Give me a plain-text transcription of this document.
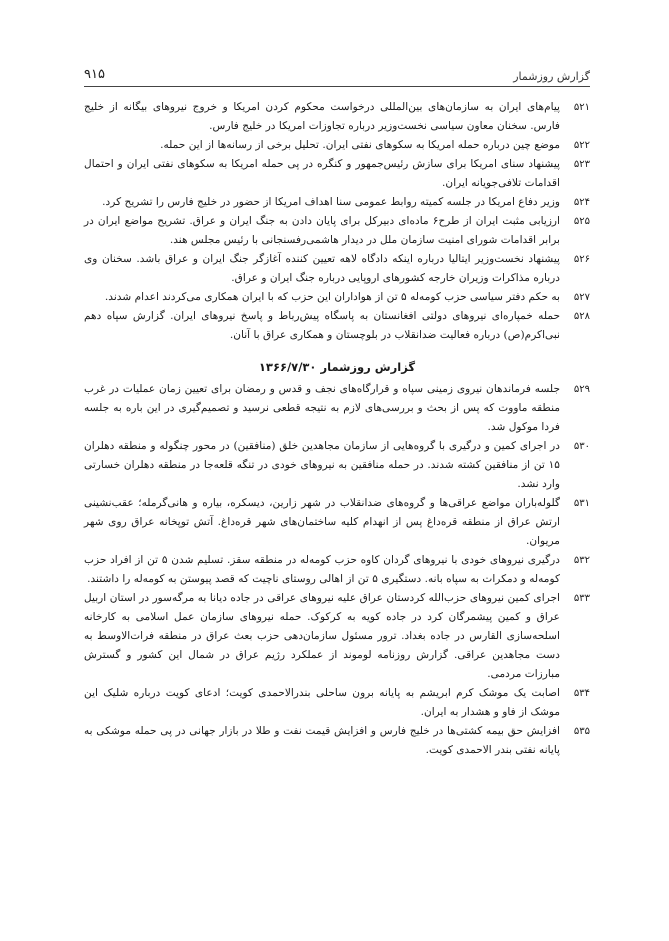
گزارش روزشمار
۹۱۵
۵۲۱
پیام‌های ایران به سازمان‌های بین‌المللی درخواست محکوم کردن امریکا و خروج نیروهای بیگانه از خلیج فارس. سخنان معاون سیاسی نخست‌وزیر درباره تجاوزات امریکا در خلیج فارس.
۵۲۲
موضع چین درباره حمله امریکا به سکوهای نفتی ایران. تحلیل برخی از رسانه‌ها از این حمله.
۵۲۳
پیشنهاد سنای امریکا برای سازش رئیس‌جمهور و کنگره در پی حمله امریکا به سکوهای نفتی ایران و احتمال اقدامات تلافی‌جویانه ایران.
۵۲۴
وزیر دفاع امریکا در جلسه کمیته روابط عمومی سنا اهداف امریکا از حضور در خلیج فارس را تشریح کرد.
۵۲۵
ارزیابی مثبت ایران از طرح۶ ماده‌ای دبیرکل برای پایان دادن به جنگ ایران و عراق. تشریح مواضع ایران در برابر اقدامات شورای امنیت سازمان ملل در دیدار هاشمی‌رفسنجانی با رئیس مجلس هند.
۵۲۶
پیشنهاد نخست‌وزیر ایتالیا درباره اینکه دادگاه لاهه تعیین کننده آغازگر جنگ ایران و عراق باشد. سخنان وی درباره مذاکرات وزیران خارجه کشورهای اروپایی درباره جنگ ایران و عراق.
۵۲۷
به حکم دفتر سیاسی حزب کومه‌له ۵ تن از هواداران این حزب که با ایران همکاری می‌کردند اعدام شدند.
۵۲۸
حمله خمپاره‌ای نیروهای دولتی افغانستان به پاسگاه پیش‌رباط و پاسخ نیروهای ایران. گزارش سپاه دهم نبی‌اکرم(ص) درباره فعالیت ضدانقلاب در بلوچستان و همکاری عراق با آنان.
گزارش روزشمار ۱۳۶۶/۷/۳۰
۵۲۹
جلسه فرماندهان نیروی زمینی سپاه و قرارگاه‌های نجف و قدس و رمضان برای تعیین زمان عملیات در غرب منطقه ماووت که پس از بحث و بررسی‌های لازم به نتیجه قطعی نرسید و تصمیم‌گیری در این باره به جلسه فردا موکول شد.
۵۳۰
در اجرای کمین و درگیری با گروه‌هایی از سازمان مجاهدین خلق (منافقین) در محور چنگوله و منطقه دهلران ۱۵ تن از منافقین کشته شدند. در حمله منافقین به نیروهای خودی در تنگه قلعه‌جا در منطقه دهلران خسارتی وارد نشد.
۵۳۱
گلوله‌باران مواضع عراقی‌ها و گروه‌های ضدانقلاب در شهر زارین، دیسکره، بیاره و هانی‌گرمله؛ عقب‌نشینی ارتش عراق از منطقه قره‌داغ پس از انهدام کلیه ساختمان‌های شهر قره‌داغ. آتش توپخانه عراق روی شهر مریوان.
۵۳۲
درگیری نیروهای خودی با نیروهای گردان کاوه حزب کومه‌له در منطقه سقز. تسلیم شدن ۵ تن از افراد حزب کومه‌له و دمکرات به سپاه بانه. دستگیری ۵ تن از اهالی روستای ناچیت که قصد پیوستن به کومه‌له را داشتند.
۵۳۳
اجرای کمین نیروهای حزب‌الله کردستان عراق علیه نیروهای عراقی در جاده دیانا به مرگه‌سور در استان اربیل عراق و کمین پیشمرگان کرد در جاده کویه به کرکوک. حمله نیروهای سازمان عمل اسلامی به کارخانه اسلحه‌سازی القارس در جاده بغداد. ترور مسئول سازمان‌دهی حزب بعث عراق در منطقه فرات‌الاوسط به دست مجاهدین عراقی. گزارش روزنامه لوموند از عملکرد رژیم عراق در شمال این کشور و گسترش مبارزات مردمی.
۵۳۴
اصابت یک موشک کرم ابریشم به پایانه برون ساحلی بندرالاحمدی کویت؛ ادعای کویت درباره شلیک این موشک از فاو و هشدار به ایران.
۵۳۵
افزایش حق بیمه کشتی‌ها در خلیج فارس و افزایش قیمت نفت و طلا در بازار جهانی در پی حمله موشکی به پایانه نفتی بندر الاحمدی کویت.
